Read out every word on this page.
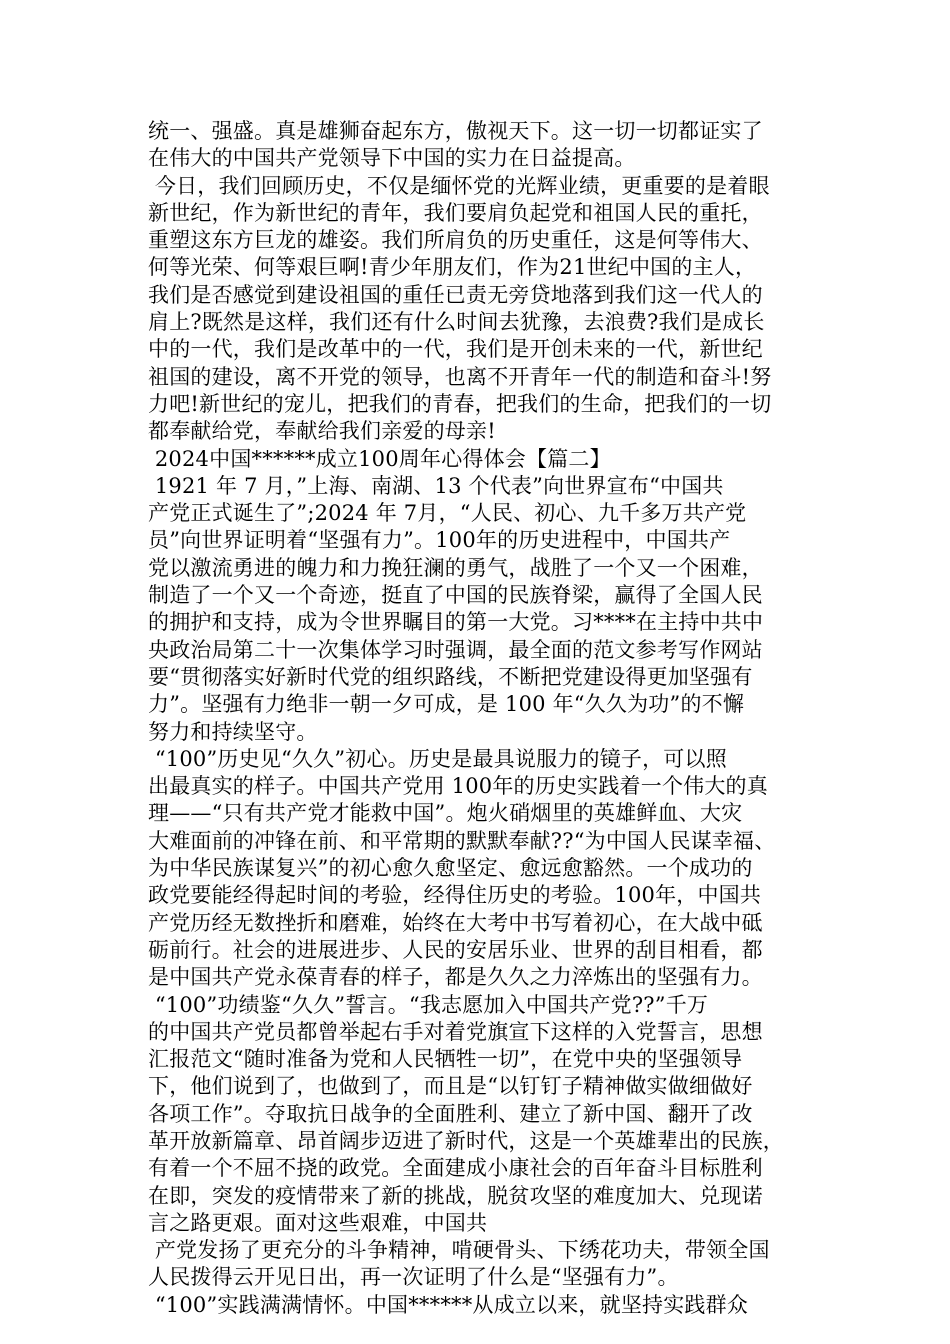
统一、强盛。真是雄狮奋起东方，傲视天下。这一切一切都证实了
在伟大的中国共产党领导下中国的实力在日益提高。
今日，我们回顾历史，不仅是缅怀党的光辉业绩，更重要的是着眼
新世纪，作为新世纪的青年，我们要肩负起党和祖国人民的重托，
重塑这东方巨龙的雄姿。我们所肩负的历史重任，这是何等伟大、
何等光荣、何等艰巨啊!青少年朋友们，作为21世纪中国的主人，
我们是否感觉到建设祖国的重任已责无旁贷地落到我们这一代人的
肩上?既然是这样，我们还有什么时间去犹豫，去浪费?我们是成长
中的一代，我们是改革中的一代，我们是开创未来的一代，新世纪
祖国的建设，离不开党的领导，也离不开青年一代的制造和奋斗!努
力吧!新世纪的宠儿，把我们的青春，把我们的生命，把我们的一切
都奉献给党，奉献给我们亲爱的母亲!
2024中国******成立100周年心得体会【篇二】
1921 年 7 月，”上海、南湖、13 个代表”向世界宣布“中国共
产党正式诞生了”;2024 年 7月，“人民、初心、九千多万共产党
员”向世界证明着“坚强有力”。100年的历史进程中，中国共产
党以激流勇进的魄力和力挽狂澜的勇气，战胜了一个又一个困难，
制造了一个又一个奇迹，挺直了中国的民族脊梁，赢得了全国人民
的拥护和支持，成为令世界瞩目的第一大党。习****在主持中共中
央政治局第二十一次集体学习时强调，最全面的范文参考写作网站
要“贯彻落实好新时代党的组织路线，不断把党建设得更加坚强有
力”。坚强有力绝非一朝一夕可成，是 100 年“久久为功”的不懈
努力和持续坚守。
“100”历史见“久久”初心。历史是最具说服力的镜子，可以照
出最真实的样子。中国共产党用 100年的历史实践着一个伟大的真
理——“只有共产党才能救中国”。炮火硝烟里的英雄鲜血、大灾
大难面前的冲锋在前、和平常期的默默奉献??“为中国人民谋幸福、
为中华民族谋复兴”的初心愈久愈坚定、愈远愈豁然。一个成功的
政党要能经得起时间的考验，经得住历史的考验。100年，中国共
产党历经无数挫折和磨难，始终在大考中书写着初心，在大战中砥
砺前行。社会的进展进步、人民的安居乐业、世界的刮目相看，都
是中国共产党永葆青春的样子，都是久久之力淬炼出的坚强有力。
“100”功绩鉴“久久”誓言。“我志愿加入中国共产党??”千万
的中国共产党员都曾举起右手对着党旗宣下这样的入党誓言，思想
汇报范文“随时准备为党和人民牺牲一切”，在党中央的坚强领导
下，他们说到了，也做到了，而且是“以钉钉子精神做实做细做好
各项工作”。夺取抗日战争的全面胜利、建立了新中国、翻开了改
革开放新篇章、昂首阔步迈进了新时代，这是一个英雄辈出的民族，
有着一个不屈不挠的政党。全面建成小康社会的百年奋斗目标胜利
在即，突发的疫情带来了新的挑战，脱贫攻坚的难度加大、兑现诺
言之路更艰。面对这些艰难，中国共
产党发扬了更充分的斗争精神，啃硬骨头、下绣花功夫，带领全国
人民拨得云开见日出，再一次证明了什么是“坚强有力”。
“100”实践满满情怀。中国******从成立以来，就坚持实践群众
